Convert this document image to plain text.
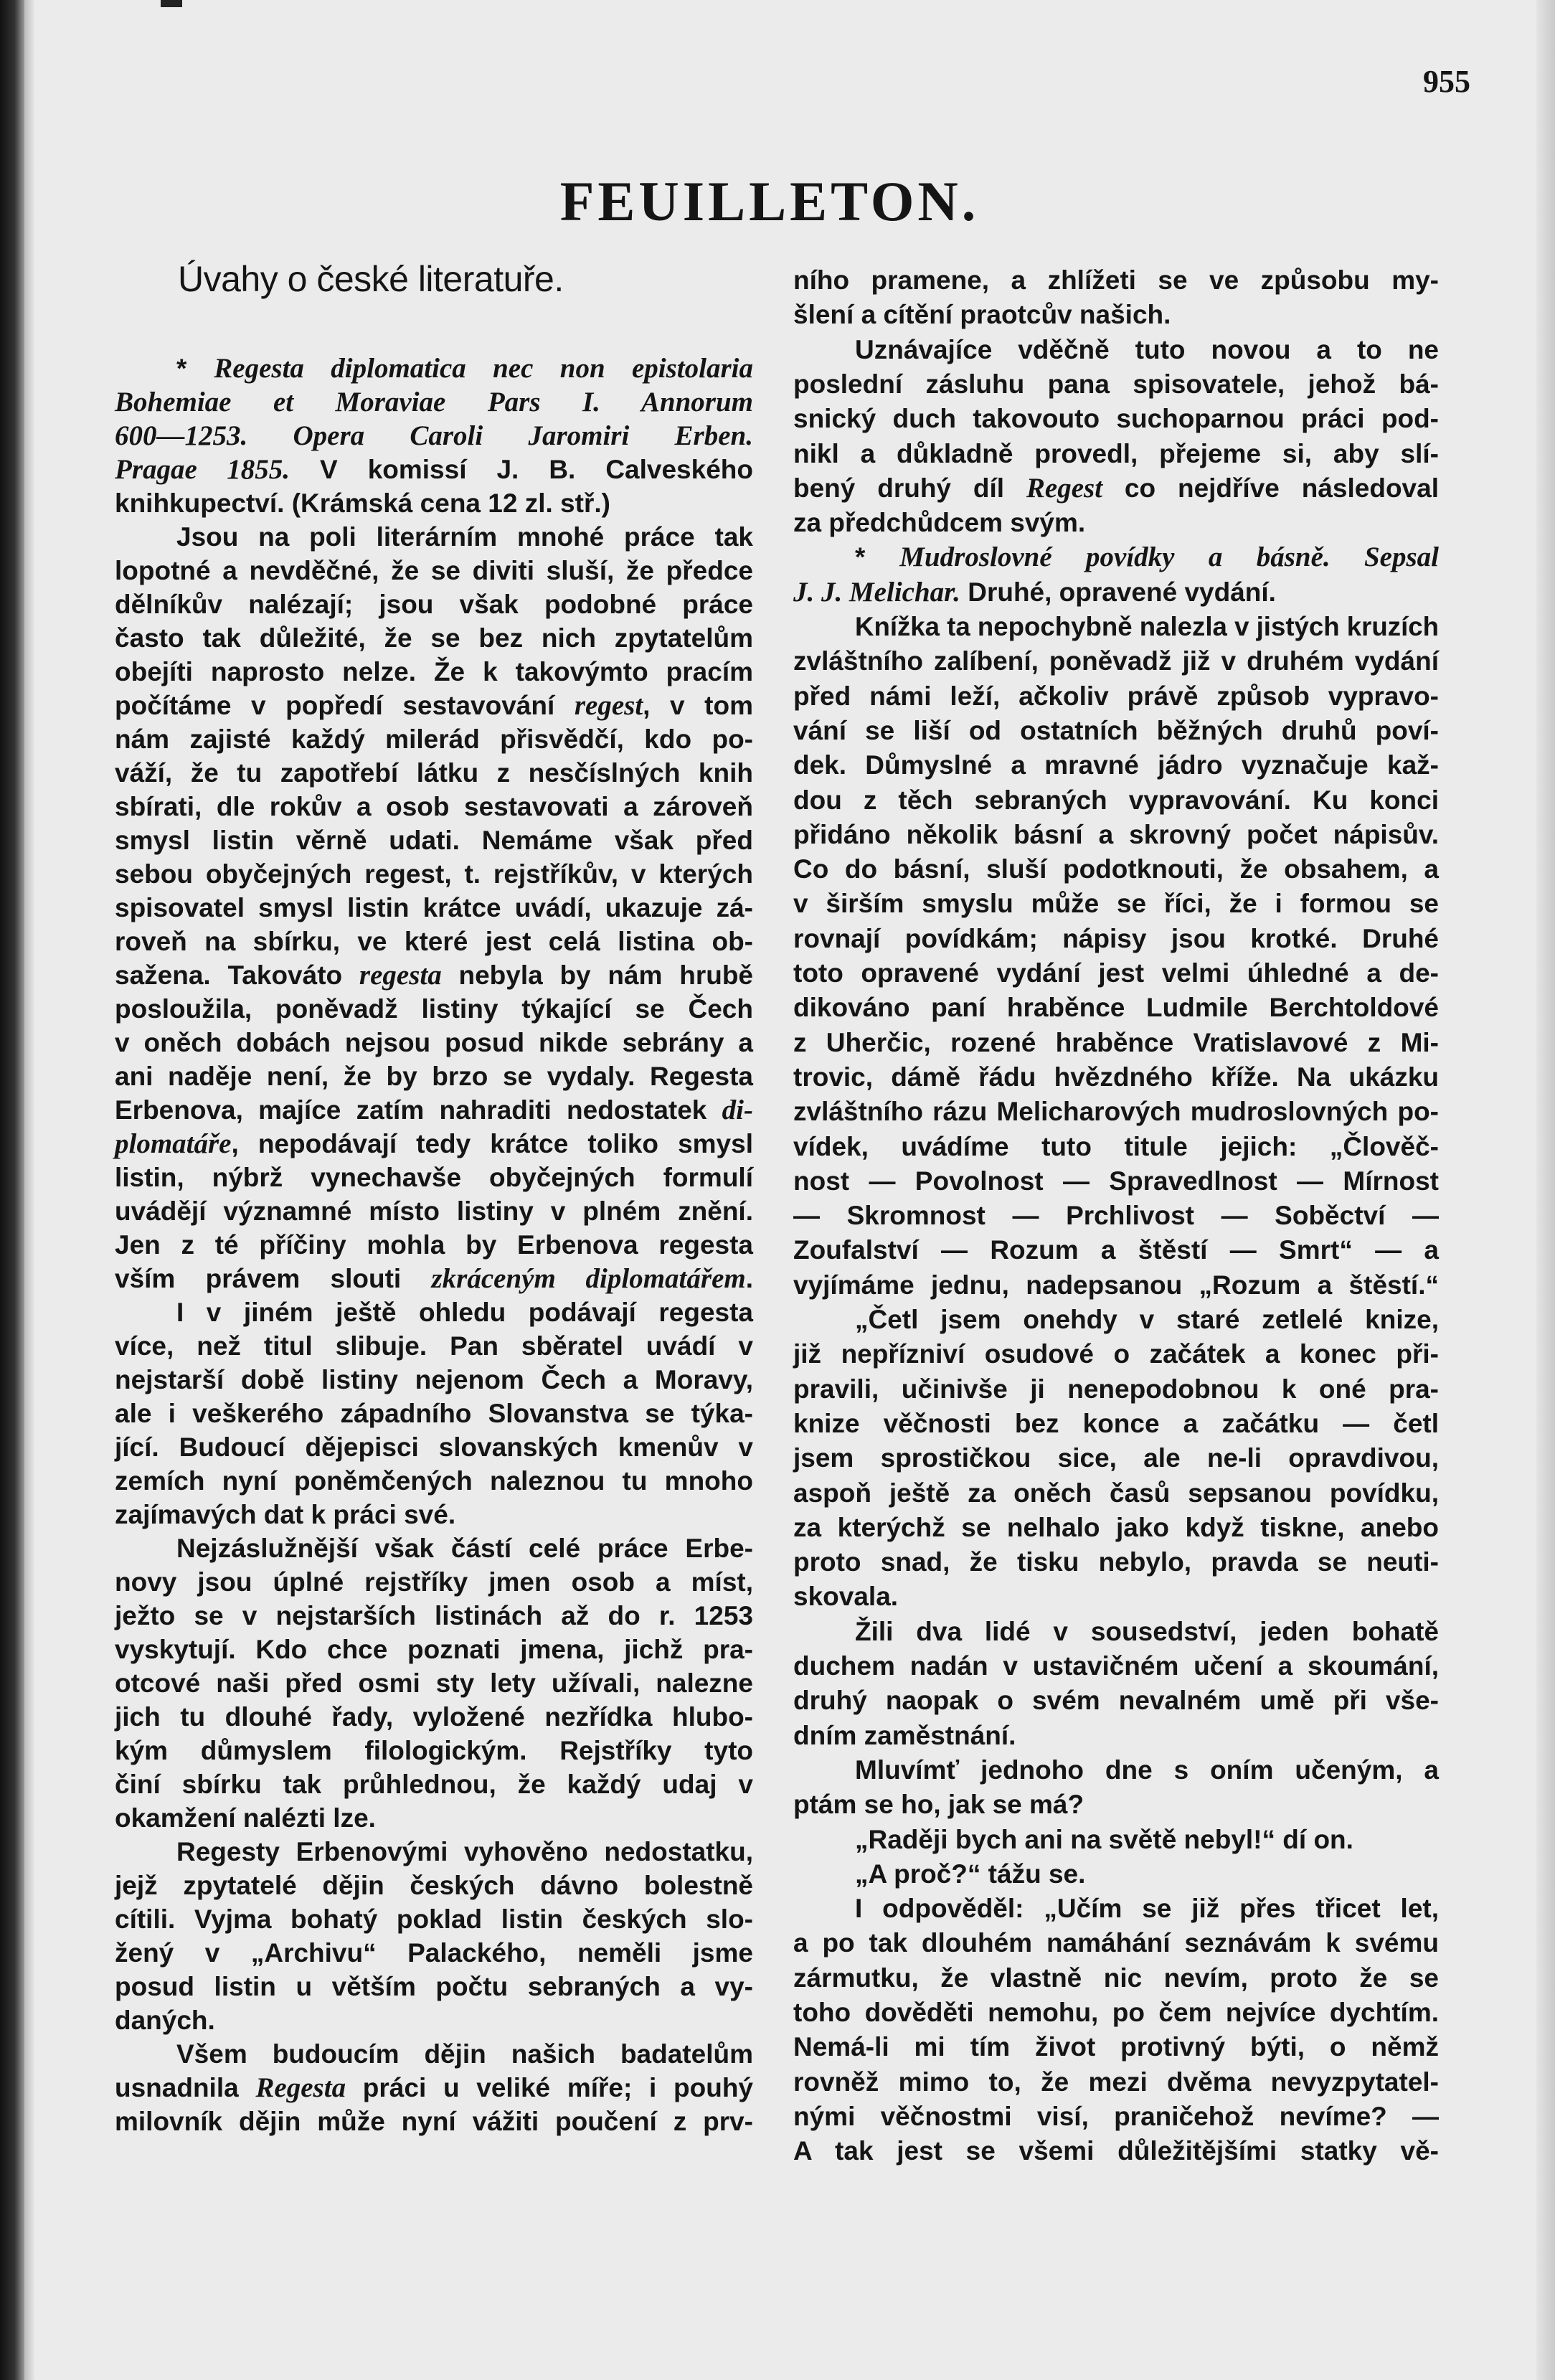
955
FEUILLETON.
Úvahy o české literatuře.
* Regesta diplomatica nec non epistolaria
Bohemiae et Moraviae Pars I. Annorum
600—1253. Opera Caroli Jaromiri Erben.
Pragae 1855. V komissí J. B. Calveského
knihkupectví. (Krámská cena 12 zl. stř.)
Jsou na poli literárním mnohé práce tak
lopotné a nevděčné, že se diviti sluší, že předce
dělníkův nalézají; jsou však podobné práce
často tak důležité, že se bez nich zpytatelům
obejíti naprosto nelze. Že k takovýmto pracím
počítáme v popředí sestavování regest, v tom
nám zajisté každý milerád přisvědčí, kdo po-
váží, že tu zapotřebí látku z nesčíslných knih
sbírati, dle rokův a osob sestavovati a zároveň
smysl listin věrně udati. Nemáme však před
sebou obyčejných regest, t. rejstříkův, v kterých
spisovatel smysl listin krátce uvádí, ukazuje zá-
roveň na sbírku, ve které jest celá listina ob-
sažena. Takováto regesta nebyla by nám hrubě
posloužila, poněvadž listiny týkající se Čech
v oněch dobách nejsou posud nikde sebrány a
ani naděje není, že by brzo se vydaly. Regesta
Erbenova, majíce zatím nahraditi nedostatek di-
plomatáře, nepodávají tedy krátce toliko smysl
listin, nýbrž vynechavše obyčejných formulí
uvádějí významné místo listiny v plném znění.
Jen z té příčiny mohla by Erbenova regesta
vším právem slouti zkráceným diplomatářem.
I v jiném ještě ohledu podávají regesta
více, než titul slibuje. Pan sběratel uvádí v
nejstarší době listiny nejenom Čech a Moravy,
ale i veškerého západního Slovanstva se týka-
jící. Budoucí dějepisci slovanských kmenův v
zemích nyní poněmčených naleznou tu mnoho
zajímavých dat k práci své.
Nejzáslužnější však částí celé práce Erbe-
novy jsou úplné rejstříky jmen osob a míst,
ježto se v nejstarších listinách až do r. 1253
vyskytují. Kdo chce poznati jmena, jichž pra-
otcové naši před osmi sty lety užívali, nalezne
jich tu dlouhé řady, vyložené nezřídka hlubo-
kým důmyslem filologickým. Rejstříky tyto
činí sbírku tak průhlednou, že každý udaj v
okamžení nalézti lze.
Regesty Erbenovými vyhověno nedostatku,
jejž zpytatelé dějin českých dávno bolestně
cítili. Vyjma bohatý poklad listin českých slo-
žený v „Archivu“ Palackého, neměli jsme
posud listin u větším počtu sebraných a vy-
daných.
Všem budoucím dějin našich badatelům
usnadnila Regesta práci u veliké míře; i pouhý
milovník dějin může nyní vážiti poučení z prv-
ního pramene, a zhlížeti se ve způsobu my-
šlení a cítění praotcův našich.
Uznávajíce vděčně tuto novou a to ne
poslední zásluhu pana spisovatele, jehož bá-
snický duch takovouto suchoparnou práci pod-
nikl a důkladně provedl, přejeme si, aby slí-
bený druhý díl Regest co nejdříve následoval
za předchůdcem svým.
* Mudroslovné povídky a básně. Sepsal
J. J. Melichar. Druhé, opravené vydání.
Knížka ta nepochybně nalezla v jistých kruzích
zvláštního zalíbení, poněvadž již v druhém vydání
před námi leží, ačkoliv právě způsob vypravo-
vání se liší od ostatních běžných druhů poví-
dek. Důmyslné a mravné jádro vyznačuje kaž-
dou z těch sebraných vypravování. Ku konci
přidáno několik básní a skrovný počet nápisův.
Co do básní, sluší podotknouti, že obsahem, a
v širším smyslu může se říci, že i formou se
rovnají povídkám; nápisy jsou krotké. Druhé
toto opravené vydání jest velmi úhledné a de-
dikováno paní hraběnce Ludmile Berchtoldové
z Uherčic, rozené hraběnce Vratislavové z Mi-
trovic, dámě řádu hvězdného kříže. Na ukázku
zvláštního rázu Melicharových mudroslovných po-
vídek, uvádíme tuto titule jejich: „Člověč-
nost — Povolnost — Spravedlnost — Mírnost
— Skromnost — Prchlivost — Soběctví —
Zoufalství — Rozum a štěstí — Smrt“ — a
vyjímáme jednu, nadepsanou „Rozum a štěstí.“
„Četl jsem onehdy v staré zetlelé knize,
již nepřízniví osudové o začátek a konec při-
pravili, učinivše ji nenepodobnou k oné pra-
knize věčnosti bez konce a začátku — četl
jsem sprostičkou sice, ale ne-li opravdivou,
aspoň ještě za oněch časů sepsanou povídku,
za kterýchž se nelhalo jako když tiskne, anebo
proto snad, že tisku nebylo, pravda se neuti-
skovala.
Žili dva lidé v sousedství, jeden bohatě
duchem nadán v ustavičném učení a skoumání,
druhý naopak o svém nevalném umě při vše-
dním zaměstnání.
Mluvímť jednoho dne s oním učeným, a
ptám se ho, jak se má?
„Raději bych ani na světě nebyl!“ dí on.
„A proč?“ tážu se.
I odpověděl: „Učím se již přes třicet let,
a po tak dlouhém namáhání seznávám k svému
zármutku, že vlastně nic nevím, proto že se
toho dověděti nemohu, po čem nejvíce dychtím.
Nemá-li mi tím život protivný býti, o němž
rovněž mimo to, že mezi dvěma nevyzpytatel-
nými věčnostmi visí, praničehož nevíme? —
A tak jest se všemi důležitějšími statky vě-
